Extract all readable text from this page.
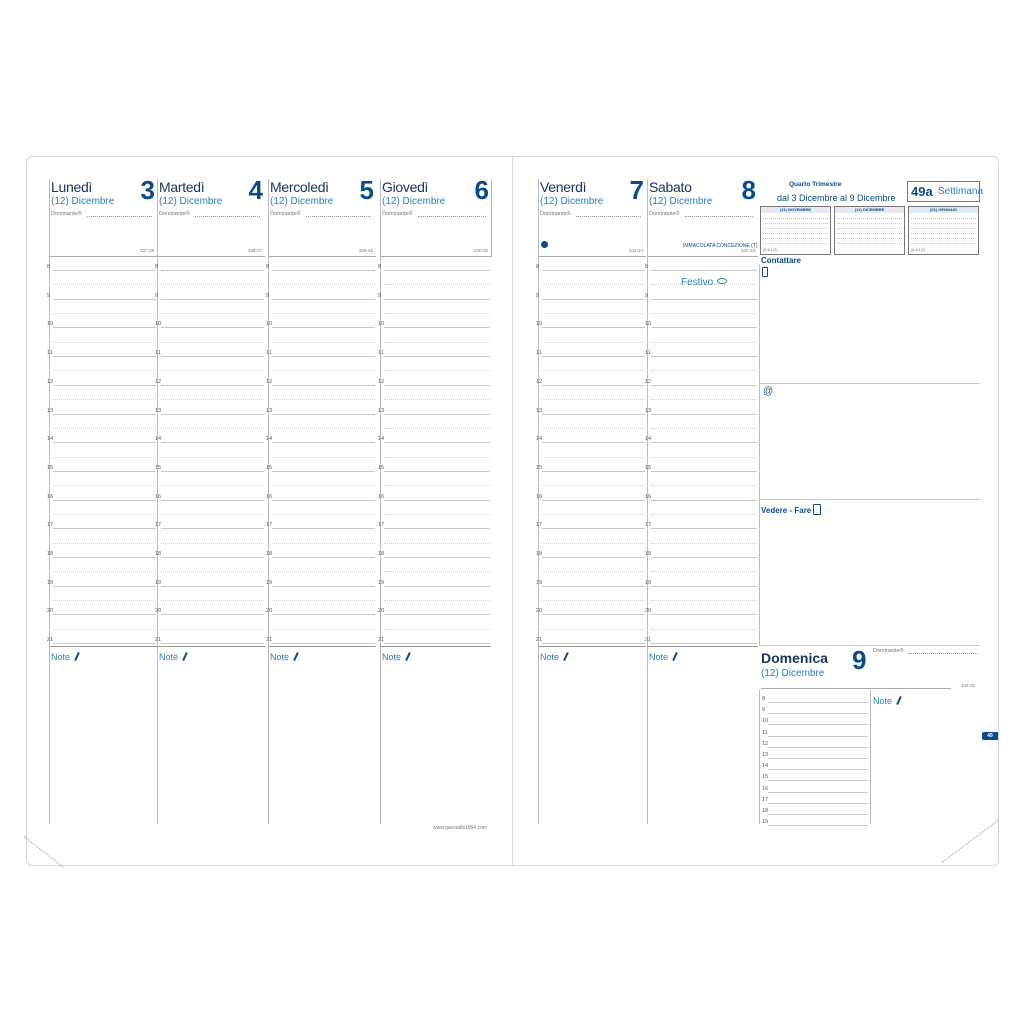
Lunedì
(12) Dicembre 3
Dominante®
337-28
8
9
10
11
12
13
14
15
16
17
18
19
20
21
Note
Martedì
(12) Dicembre 4
Dominante®
338-27
8
9
10
11
12
13
14
15
16
17
18
19
20
21
Note
Mercoledì
(12) Dicembre 5
Dominante®
339-26
8
9
10
11
12
13
14
15
16
17
18
19
20
21
Note
Giovedì
(12) Dicembre 6
Dominante®
340-25
8
9
10
11
12
13
14
15
16
17
18
19
20
21
Note
Venerdì
(12) Dicembre 7
Dominante®
341-24
8
9
10
11
12
13
14
15
16
17
18
19
20
21
Note
Sabato
(12) Dicembre 8
Dominante®
342-23
8
9
10
11
12
13
14
15
16
17
18
19
20
21
Note
IMMACOLATA CONCEZIONE (T)
Festivo
Quarto Trimestre
dal 3 Dicembre al 9 Dicembre 49a Settimana
(11) NOVEMBRE
(I) 4/1 (2)
(12) DICEMBRE	(01) GENNAIO
(I) 4/1 (2)
Contattare
@
Vedere - Fare
Domenica
(12) Dicembre 9 Dominante®
343-22
8
9
10
11
12
13
14
15
16
17
18
19
Note
49
www.quovadis1954.com
